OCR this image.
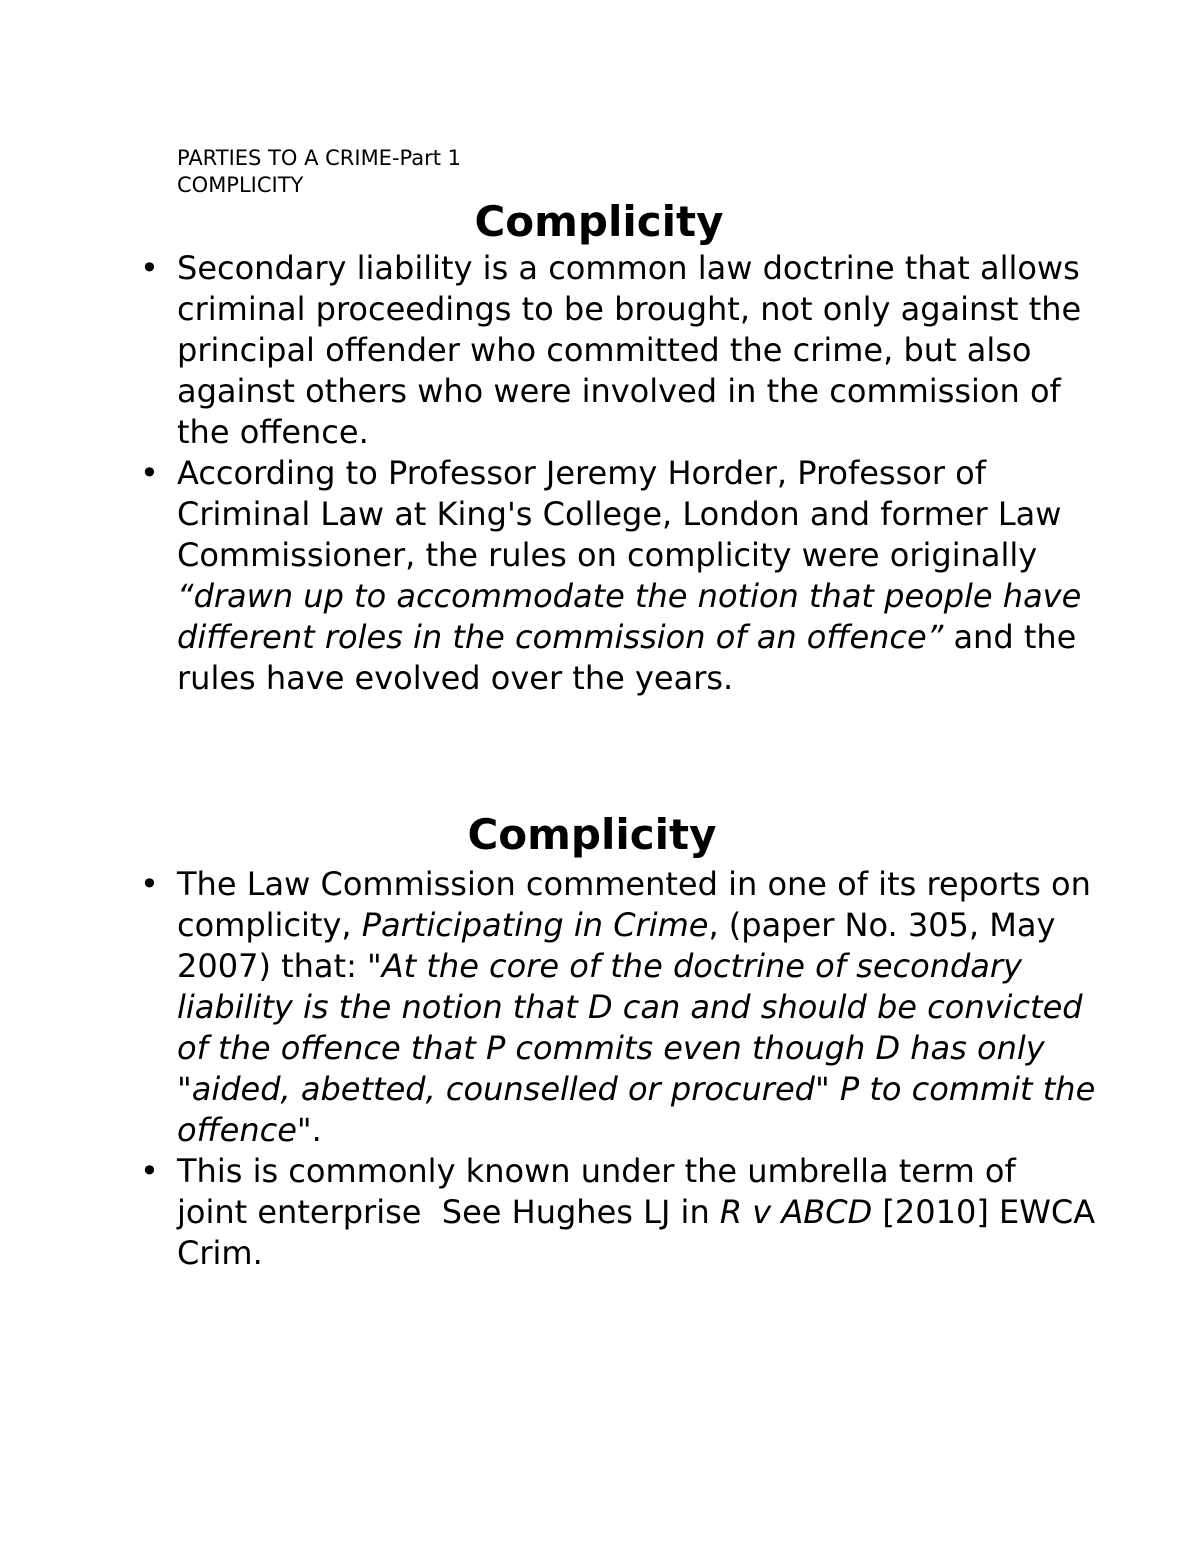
PARTIES TO A CRIME-Part 1
COMPLICITY
Complicity
• Secondary liability is a common law doctrine that allows criminal proceedings to be brought, not only against the principal offender who committed the crime, but also against others who were involved in the commission of the offence.
• According to Professor Jeremy Horder, Professor of Criminal Law at King's College, London and former Law Commissioner, the rules on complicity were originally “drawn up to accommodate the notion that people have different roles in the commission of an offence” and the rules have evolved over the years.
Complicity
• The Law Commission commented in one of its reports on complicity, Participating in Crime, (paper No. 305, May 2007) that: "At the core of the doctrine of secondary liability is the notion that D can and should be convicted of the offence that P commits even though D has only "aided, abetted, counselled or procured" P to commit the offence".
• This is commonly known under the umbrella term of  joint enterprise  See Hughes LJ in R v ABCD [2010] EWCA Crim.
